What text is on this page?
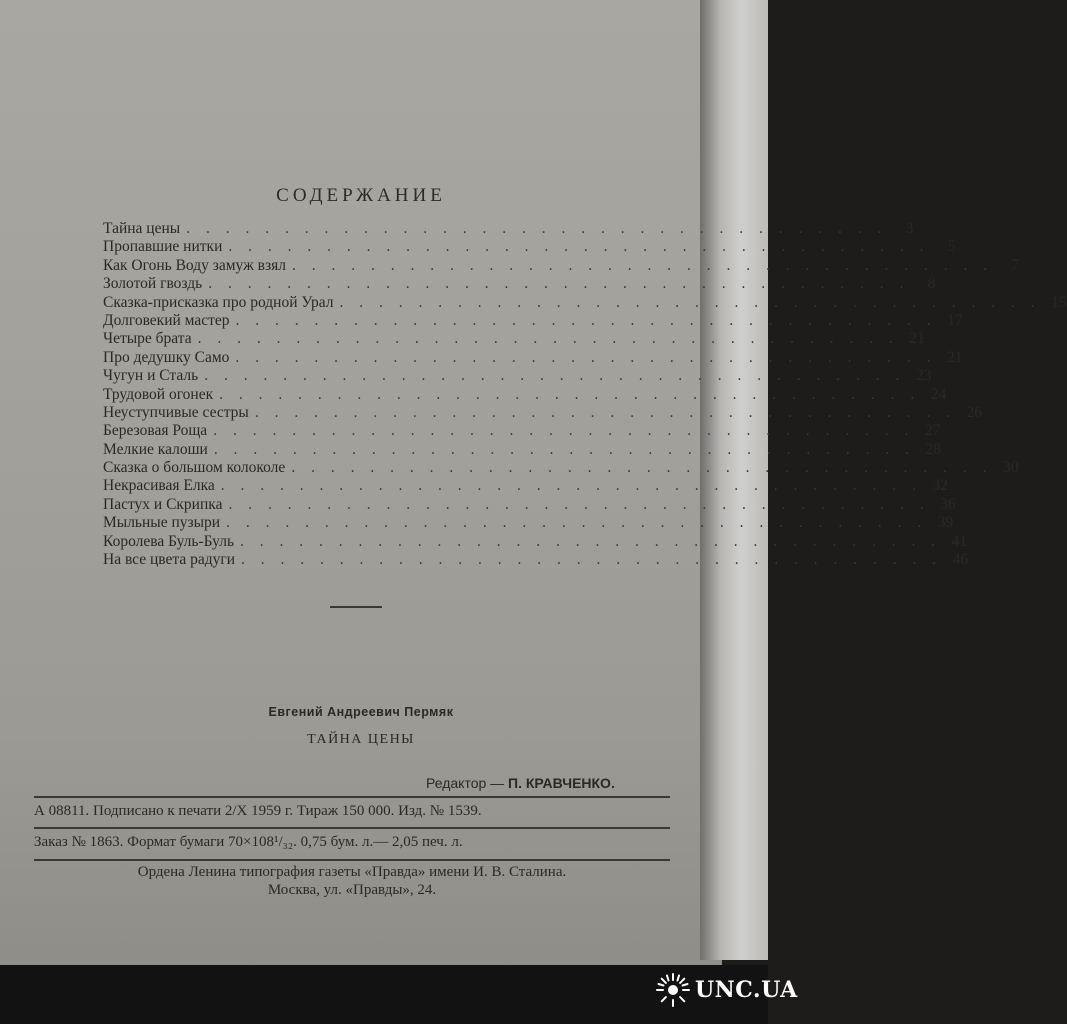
СОДЕРЖАНИЕ
Тайна цены . . .	3
Пропавшие нитки . . .	5
Как Огонь Воду замуж взял . . .	7
Золотой гвоздь . . .	8
Сказка-присказка про родной Урал . . .	15
Долговекий мастер . . .	17
Четыре брата . . .	21
Про дедушку Само . . .	21
Чугун и Сталь . . .	23
Трудовой огонек . . .	24
Неуступчивые сестры . . .	26
Березовая Роща . . .	27
Мелкие калоши . . .	28
Сказка о большом колоколе . . .	30
Некрасивая Елка . . .	32
Пастух и Скрипка . . .	36
Мыльные пузыри . . .	39
Королева Буль-Буль . . .	41
На все цвета радуги . . .	46
Евгений Андреевич Пермяк
ТАЙНА ЦЕНЫ
Редактор — П. КРАВЧЕНКО.
А 08811. Подписано к печати 2/X 1959 г. Тираж 150 000. Изд. № 1539.
Заказ № 1863. Формат бумаги 70×108¹/₃₂. 0,75 бум. л.— 2,05 печ. л.
Ордена Ленина типография газеты «Правда» имени И. В. Сталина.
Москва, ул. «Правды», 24.
UNC.UA
